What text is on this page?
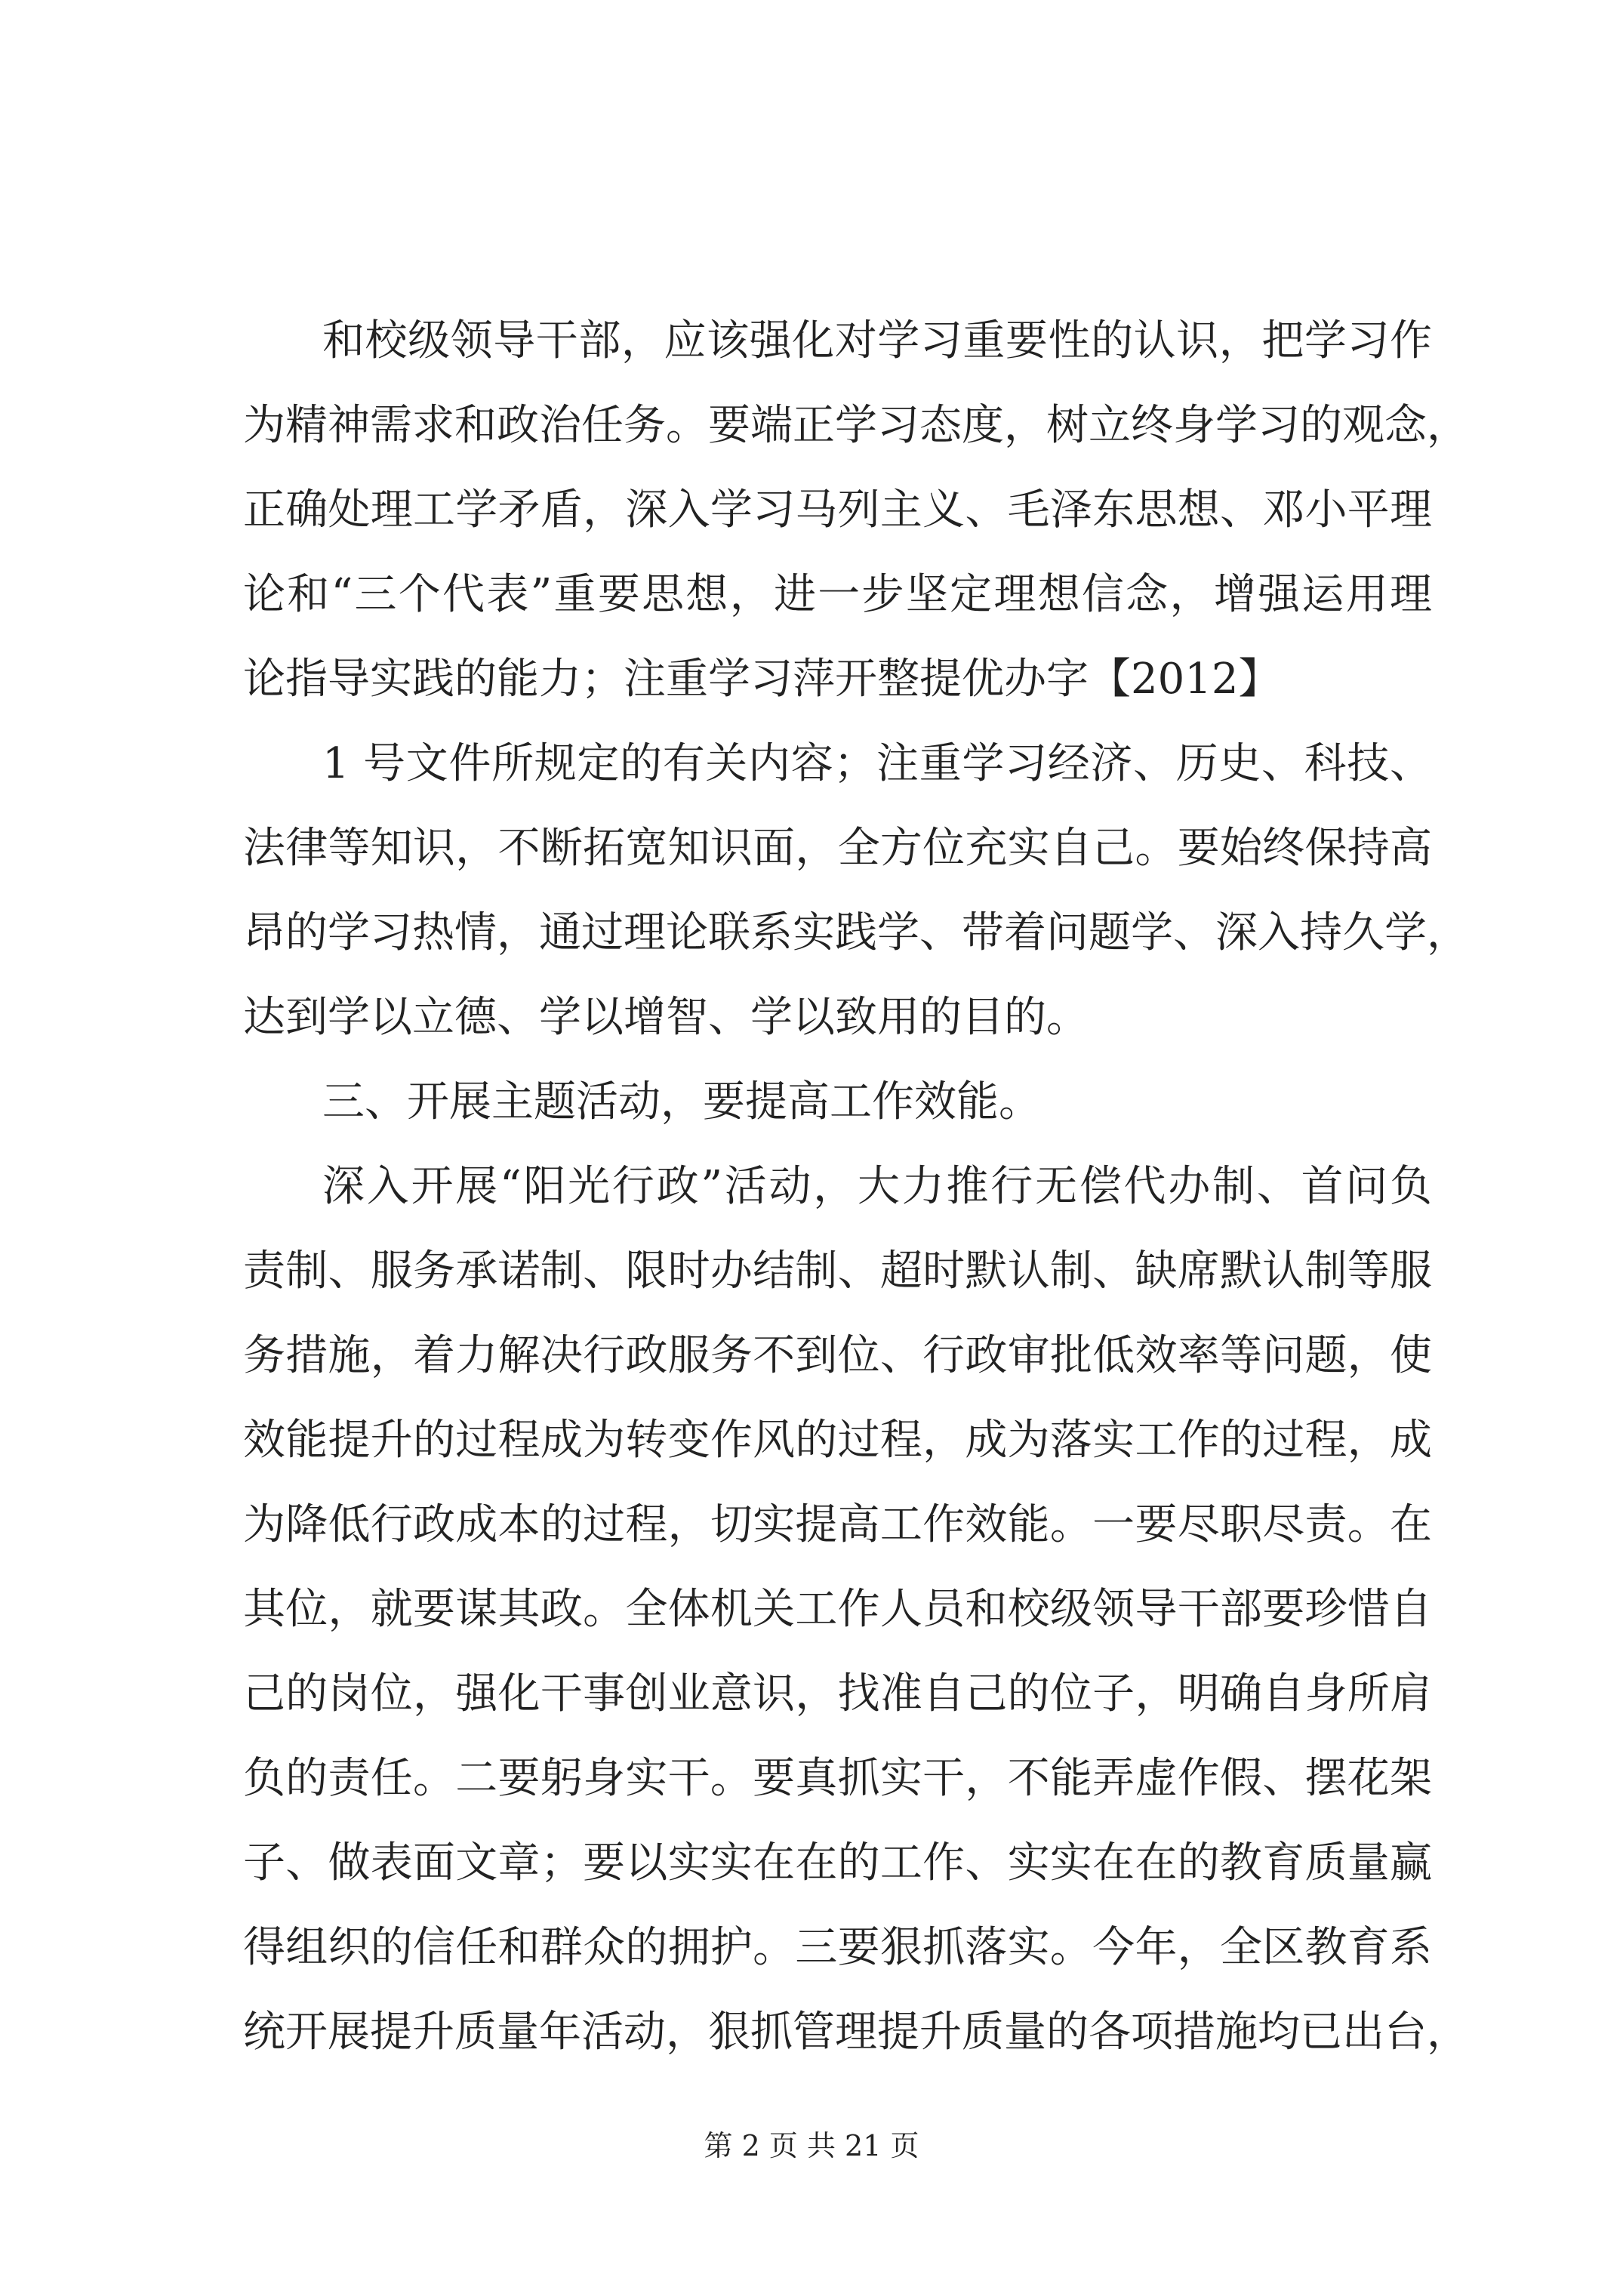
和校级领导干部，应该强化对学习重要性的认识，把学习作
为精神需求和政治任务。要端正学习态度，树立终身学习的观念，
正确处理工学矛盾，深入学习马列主义、毛泽东思想、邓小平理
论和“三个代表”重要思想，进一步坚定理想信念，增强运用理
论指导实践的能力；注重学习萍开整提优办字【2012】
1 号文件所规定的有关内容；注重学习经济、历史、科技、
法律等知识，不断拓宽知识面，全方位充实自己。要始终保持高
昂的学习热情，通过理论联系实践学、带着问题学、深入持久学，
达到学以立德、学以增智、学以致用的目的。
三、开展主题活动，要提高工作效能。
深入开展“阳光行政”活动，大力推行无偿代办制、首问负
责制、服务承诺制、限时办结制、超时默认制、缺席默认制等服
务措施，着力解决行政服务不到位、行政审批低效率等问题，使
效能提升的过程成为转变作风的过程，成为落实工作的过程，成
为降低行政成本的过程，切实提高工作效能。一要尽职尽责。在
其位，就要谋其政。全体机关工作人员和校级领导干部要珍惜自
己的岗位，强化干事创业意识，找准自己的位子，明确自身所肩
负的责任。二要躬身实干。要真抓实干，不能弄虚作假、摆花架
子、做表面文章；要以实实在在的工作、实实在在的教育质量赢
得组织的信任和群众的拥护。三要狠抓落实。今年，全区教育系
统开展提升质量年活动，狠抓管理提升质量的各项措施均已出台，
第 2 页 共 21 页
